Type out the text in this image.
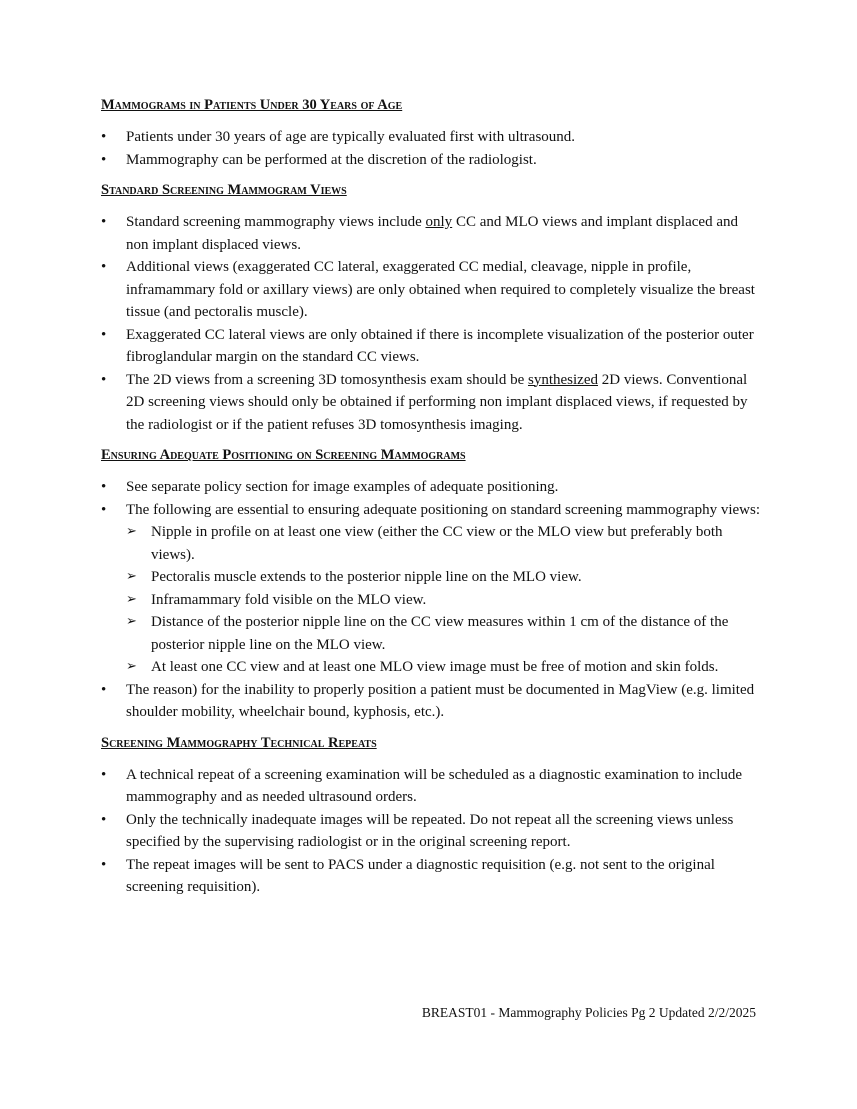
Mammograms in Patients Under 30 Years of Age
• Patients under 30 years of age are typically evaluated first with ultrasound.
• Mammography can be performed at the discretion of the radiologist.
Standard Screening Mammogram Views
• Standard screening mammography views include only CC and MLO views and implant displaced and non implant displaced views.
• Additional views (exaggerated CC lateral, exaggerated CC medial, cleavage, nipple in profile, inframammary fold or axillary views) are only obtained when required to completely visualize the breast tissue (and pectoralis muscle).
• Exaggerated CC lateral views are only obtained if there is incomplete visualization of the posterior outer fibroglandular margin on the standard CC views.
• The 2D views from a screening 3D tomosynthesis exam should be synthesized 2D views. Conventional 2D screening views should only be obtained if performing non implant displaced views, if requested by the radiologist or if the patient refuses 3D tomosynthesis imaging.
Ensuring Adequate Positioning on Screening Mammograms
• See separate policy section for image examples of adequate positioning.
• The following are essential to ensuring adequate positioning on standard screening mammography views:
➢ Nipple in profile on at least one view (either the CC view or the MLO view but preferably both views).
➢ Pectoralis muscle extends to the posterior nipple line on the MLO view.
➢ Inframammary fold visible on the MLO view.
➢ Distance of the posterior nipple line on the CC view measures within 1 cm of the distance of the posterior nipple line on the MLO view.
➢ At least one CC view and at least one MLO view image must be free of motion and skin folds.
• The reason) for the inability to properly position a patient must be documented in MagView (e.g. limited shoulder mobility, wheelchair bound, kyphosis, etc.).
Screening Mammography Technical Repeats
• A technical repeat of a screening examination will be scheduled as a diagnostic examination to include mammography and as needed ultrasound orders.
• Only the technically inadequate images will be repeated. Do not repeat all the screening views unless specified by the supervising radiologist or in the original screening report.
• The repeat images will be sent to PACS under a diagnostic requisition (e.g. not sent to the original screening requisition).
BREAST01 - Mammography Policies Pg 2 Updated 2/2/2025
